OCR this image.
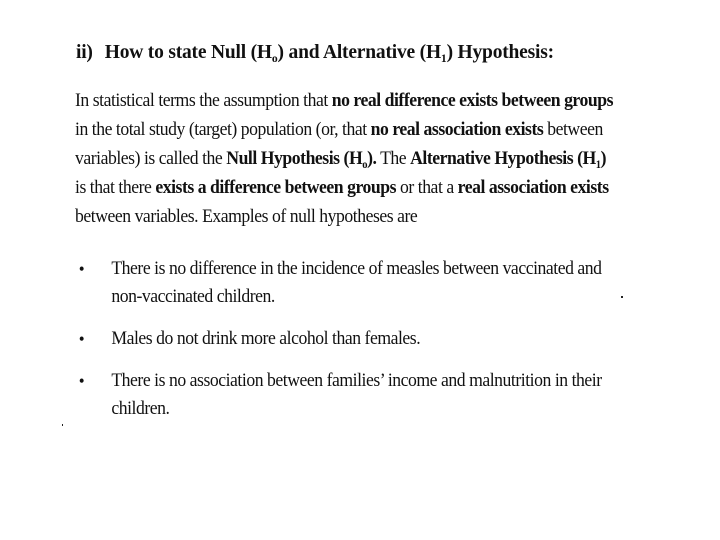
ii) How to state Null $(H_o)$ and Alternative $(H_1)$ Hypothesis:
In statistical terms the assumption that no real difference exists between groups
in the total study (target) population (or, that no real association exists between
variables) is called the Null Hypothesis $(H_o)$. The Alternative Hypothesis $(H_1)$
is that there exists a difference between groups or that a real association exists
between variables. Examples of null hypotheses are
• There is no difference in the incidence of measles between vaccinated and
non-vaccinated children.
• Males do not drink more alcohol than females.
• There is no association between families’ income and malnutrition in their
children.
